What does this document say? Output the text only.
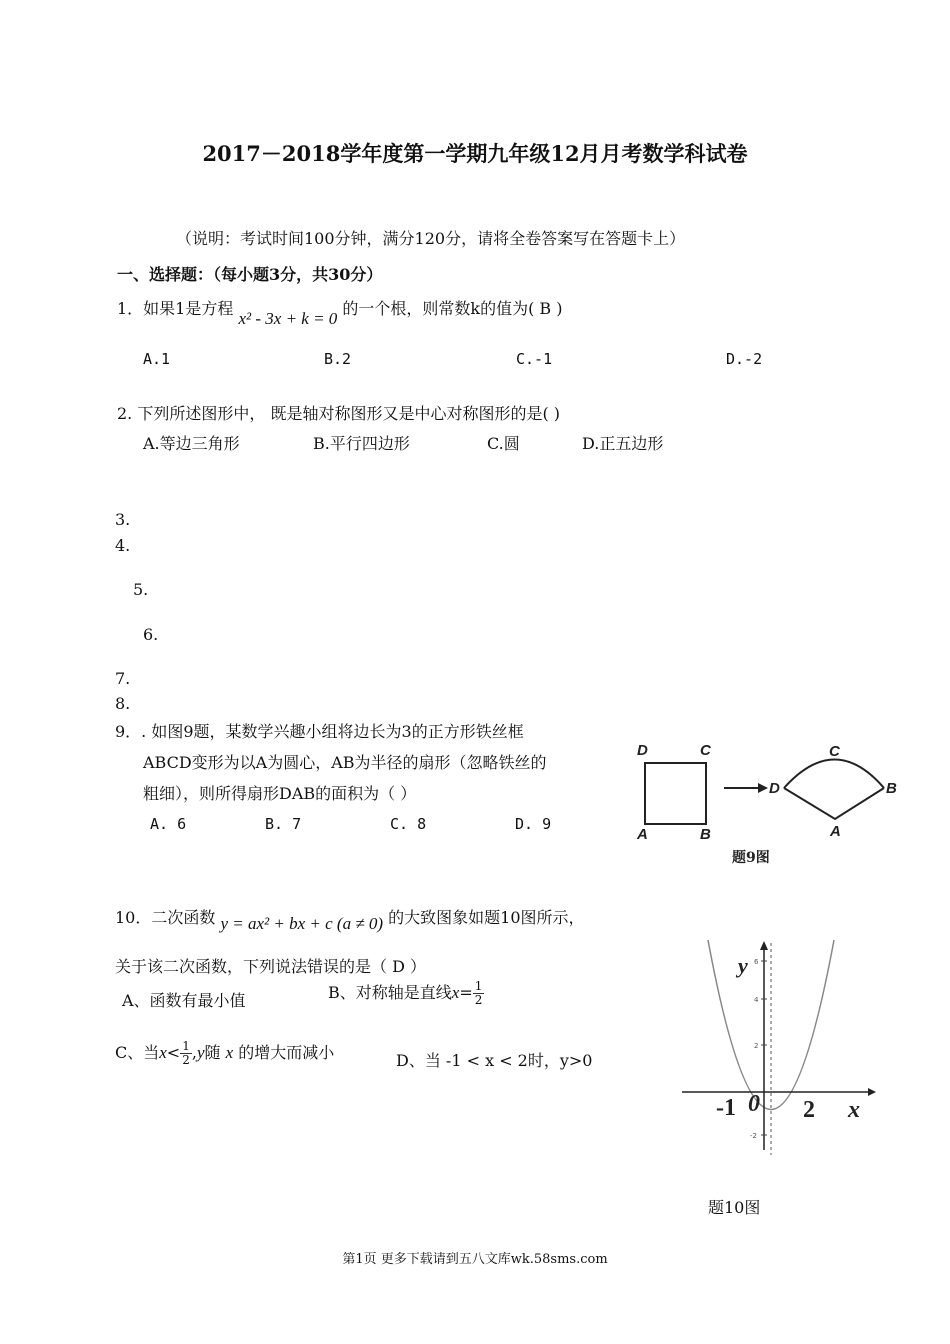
2017－2018学年度第一学期九年级12月月考数学科试卷
（说明：考试时间100分钟，满分120分，请将全卷答案写在答题卡上）
一、选择题：（每小题3分，共30分）
1．如果1是方程 x² - 3x + k = 0 的一个根，则常数k的值为( B )
A.1	B.2	C.-1	D.-2
2. 下列所述图形中， 既是轴对称图形又是中心对称图形的是( )
A.等边三角形	B.平行四边形	C.圆	D.正五边形
3.
4.
5.
6.
7.
8.
9．. 如图9题，某数学兴趣小组将边长为3的正方形铁丝框
ABCD变形为以A为圆心，AB为半径的扇形（忽略铁丝的
粗细），则所得扇形DAB的面积为（ ）
A. 6	B. 7	C. 8	D. 9
D	C
A	B
C
D	B
A
题9图
10．二次函数 y = ax² + bx + c (a ≠ 0) 的大致图象如题10图所示，
关于该二次函数，下列说法错误的是（ D ）
A、函数有最小值	B、对称轴是直线$x= \frac{1}{2}$
C、当$x< \frac{1}{2} ,y$随 x 的增大而减小	D、当 -1 < x < 2时，y>0
6
4
2
-2
y
x
-1 0 2
题10图
第1页 更多下载请到五八文库wk.58sms.com
